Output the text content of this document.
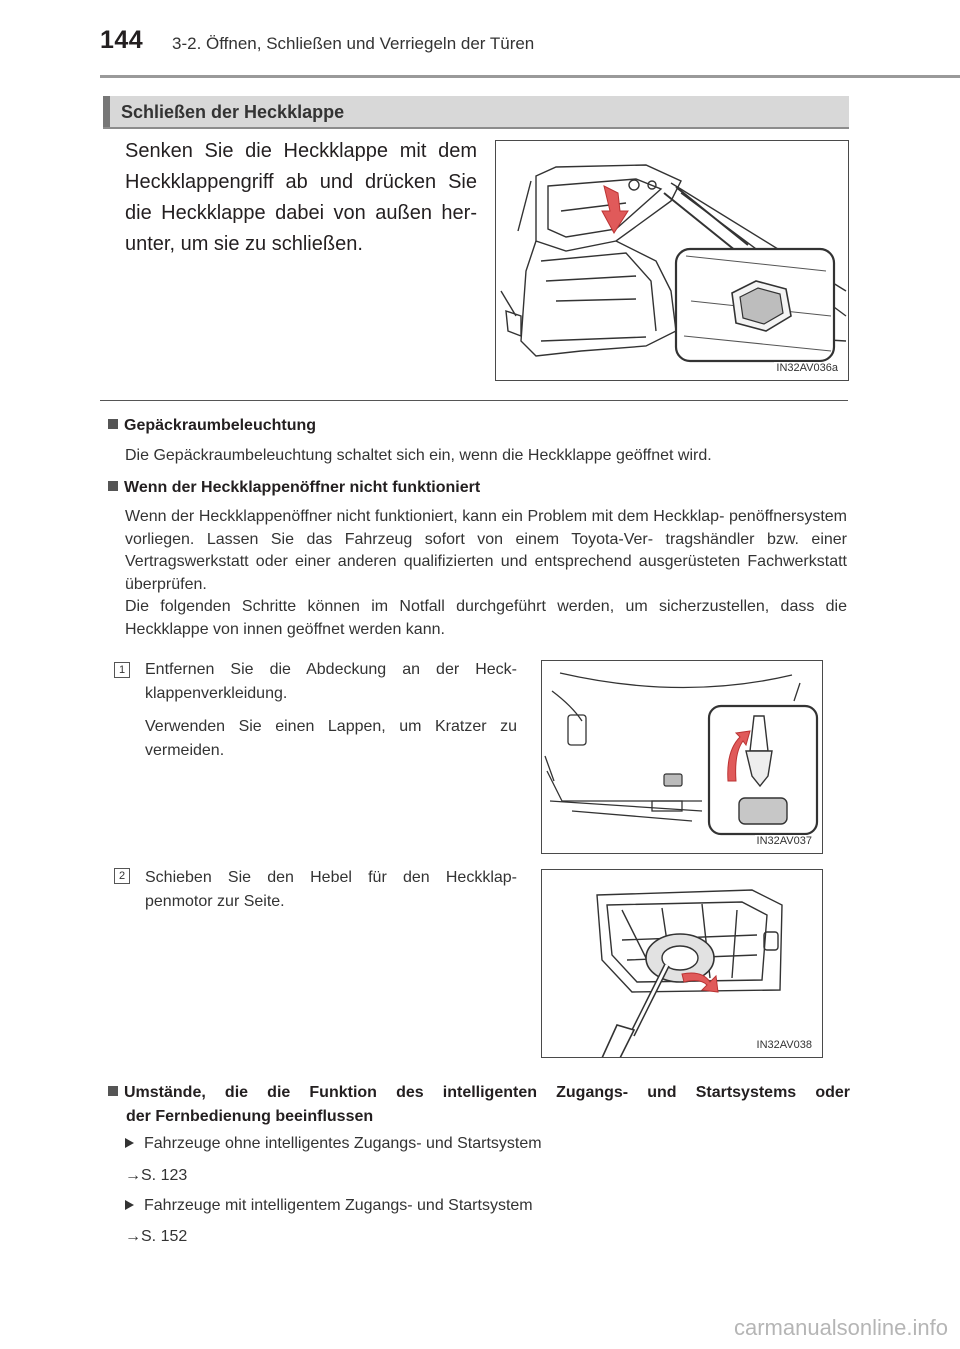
144 3-2. Öffnen, Schließen und Verriegeln der Türen
Schließen der Heckklappe

Senken Sie die Heckklappe mit dem Heckklappengriff ab und drücken Sie die Heckklappe dabei von außen her- unter, um sie zu schließen.

IN32AV036a
Gepäckraumbeleuchtung

Die Gepäckraumbeleuchtung schaltet sich ein, wenn die Heckklappe geöffnet wird.

Wenn der Heckklappenöffner nicht funktioniert

Wenn der Heckklappenöffner nicht funktioniert, kann ein Problem mit dem Heckklap- penöffnersystem vorliegen. Lassen Sie das Fahrzeug sofort von einem Toyota-Ver- tragshändler bzw. einer Vertragswerkstatt oder einer anderen qualifizierten und entsprechend ausgerüsteten Fachwerkstatt überprüfen.

Die folgenden Schritte können im Notfall durchgeführt werden, um sicherzustellen, dass die Heckklappe von innen geöffnet werden kann.

1	Entfernen Sie die Abdeckung an der Heck- klappenverkleidung.

Verwenden Sie einen Lappen, um Kratzer zu vermeiden.

IN32AV037
2	Schieben Sie den Hebel für den Heckklap- penmotor zur Seite.

IN32AV038
Umstände, die die Funktion des intelligenten Zugangs- und Startsystems oder
der Fernbedienung beeinflussen
Fahrzeuge ohne intelligentes Zugangs- und Startsystem
→S. 123
Fahrzeuge mit intelligentem Zugangs- und Startsystem
→S. 152
carmanualsonline.info
